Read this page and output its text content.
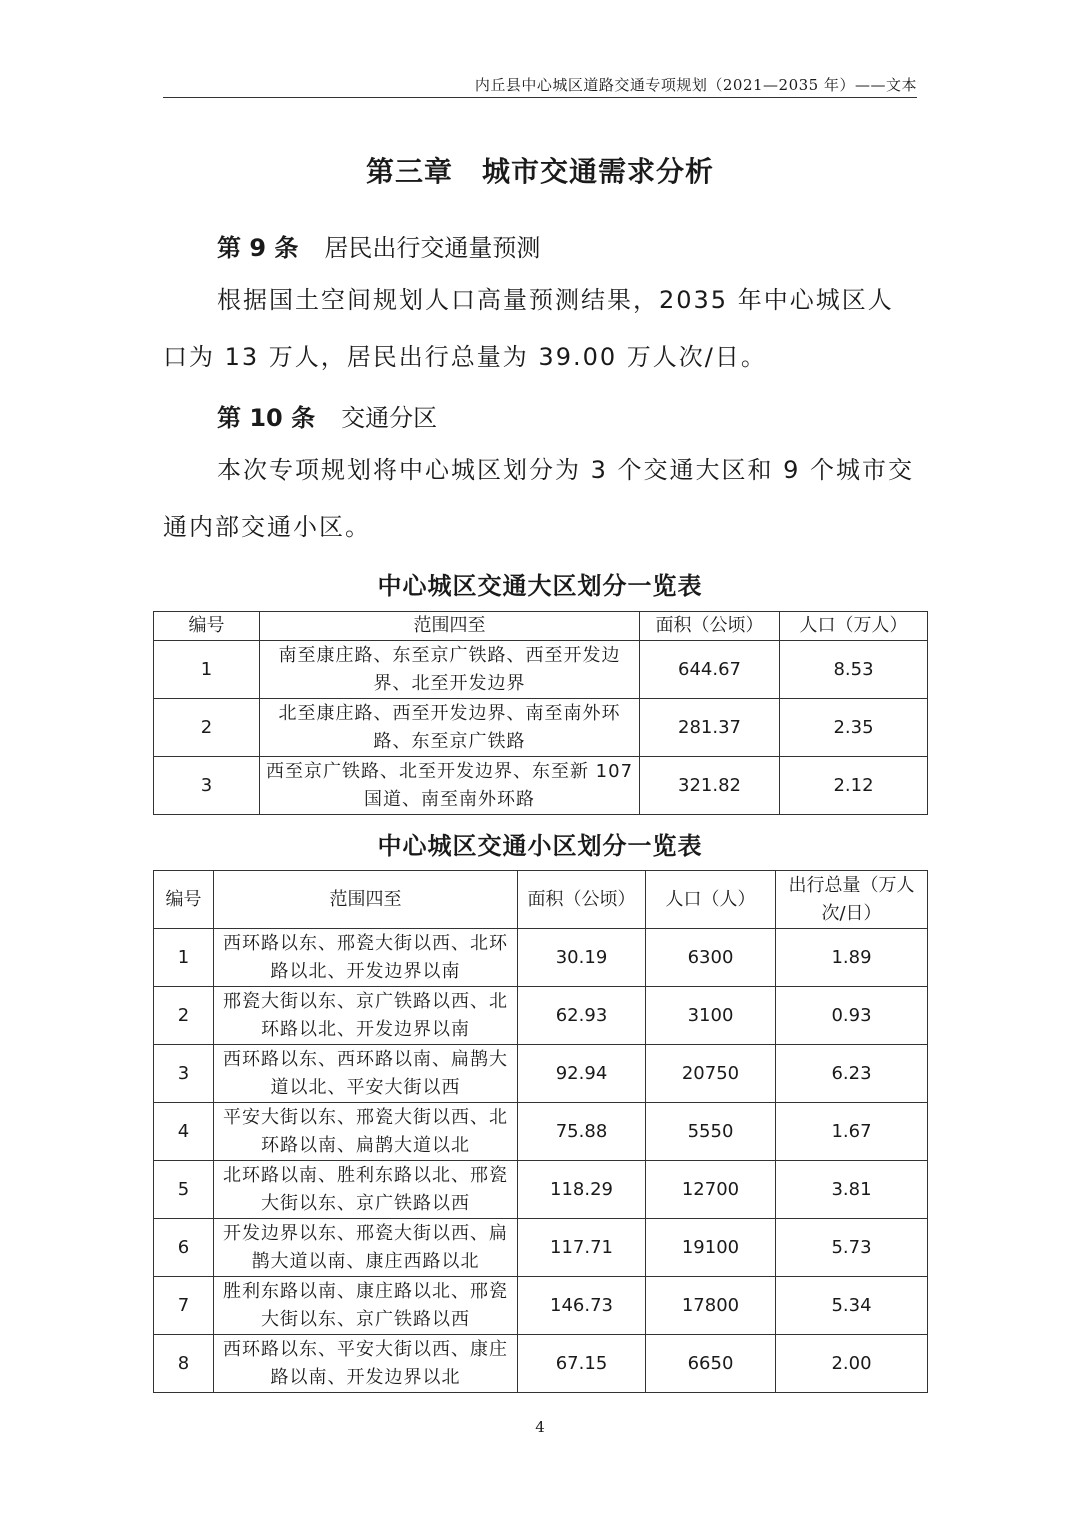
内丘县中心城区道路交通专项规划（2021—2035 年）——文本
第三章　城市交通需求分析
第 9 条 居民出行交通量预测
根据国土空间规划人口高量预测结果，2035 年中心城区人口为 13 万人，居民出行总量为 39.00 万人次/日。
第 10 条 交通分区
本次专项规划将中心城区划分为 3 个交通大区和 9 个城市交通内部交通小区。
中心城区交通大区划分一览表
编号	范围四至	面积（公顷）	人口（万人）
1	南至康庄路、东至京广铁路、西至开发边界、北至开发边界	644.67	8.53
2	北至康庄路、西至开发边界、南至南外环路、东至京广铁路	281.37	2.35
3	西至京广铁路、北至开发边界、东至新 107 国道、南至南外环路	321.82	2.12
中心城区交通小区划分一览表
编号	范围四至	面积（公顷）	人口（人）	出行总量（万人次/日）
1	西环路以东、邢瓷大街以西、北环路以北、开发边界以南	30.19	6300	1.89
2	邢瓷大街以东、京广铁路以西、北环路以北、开发边界以南	62.93	3100	0.93
3	西环路以东、西环路以南、扁鹊大道以北、平安大街以西	92.94	20750	6.23
4	平安大街以东、邢瓷大街以西、北环路以南、扁鹊大道以北	75.88	5550	1.67
5	北环路以南、胜利东路以北、邢瓷大街以东、京广铁路以西	118.29	12700	3.81
6	开发边界以东、邢瓷大街以西、扁鹊大道以南、康庄西路以北	117.71	19100	5.73
7	胜利东路以南、康庄路以北、邢瓷大街以东、京广铁路以西	146.73	17800	5.34
8	西环路以东、平安大街以西、康庄路以南、开发边界以北	67.15	6650	2.00
4
